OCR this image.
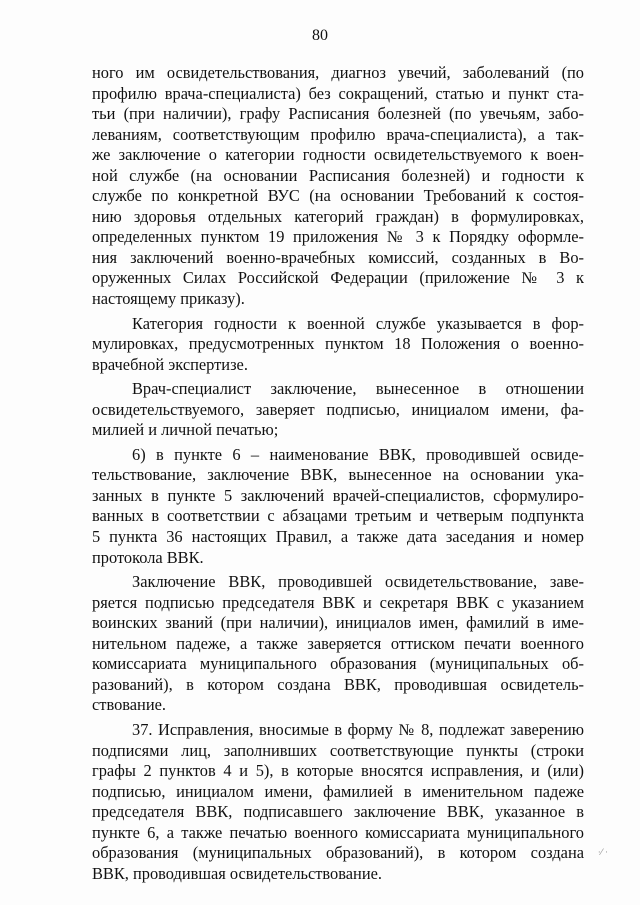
80
ного им освидетельствования, диагноз увечий, заболеваний (по
профилю врача-специалиста) без сокращений, статью и пункт ста-
тьи (при наличии), графу Расписания болезней (по увечьям, забо-
леваниям, соответствующим профилю врача-специалиста), а так-
же заключение о категории годности освидетельствуемого к воен-
ной службе (на основании Расписания болезней) и годности к
службе по конкретной ВУС (на основании Требований к состоя-
нию здоровья отдельных категорий граждан) в формулировках,
определенных пунктом 19 приложения № 3 к Порядку оформле-
ния заключений военно-врачебных комиссий, созданных в Во-
оруженных Силах Российской Федерации (приложение № 3 к
настоящему приказу).
Категория годности к военной службе указывается в фор-
мулировках, предусмотренных пунктом 18 Положения о военно-
врачебной экспертизе.
Врач-специалист заключение, вынесенное в отношении
освидетельствуемого, заверяет подписью, инициалом имени, фа-
милией и личной печатью;
6) в пункте 6 – наименование ВВК, проводившей освиде-
тельствование, заключение ВВК, вынесенное на основании ука-
занных в пункте 5 заключений врачей-специалистов, сформулиро-
ванных в соответствии с абзацами третьим и четверым подпункта
5 пункта 36 настоящих Правил, а также дата заседания и номер
протокола ВВК.
Заключение ВВК, проводившей освидетельствование, заве-
ряется подписью председателя ВВК и секретаря ВВК с указанием
воинских званий (при наличии), инициалов имен, фамилий в име-
нительном падеже, а также заверяется оттиском печати военного
комиссариата муниципального образования (муниципальных об-
разований), в котором создана ВВК, проводившая освидетель-
ствование.
37. Исправления, вносимые в форму № 8, подлежат заверению
подписями лиц, заполнивших соответствующие пункты (строки
графы 2 пунктов 4 и 5), в которые вносятся исправления, и (или)
подписью, инициалом имени, фамилией в именительном падеже
председателя ВВК, подписавшего заключение ВВК, указанное в
пункте 6, а также печатью военного комиссариата муниципального
образования (муниципальных образований), в котором создана
ВВК, проводившая освидетельствование.
·⁄ ·
